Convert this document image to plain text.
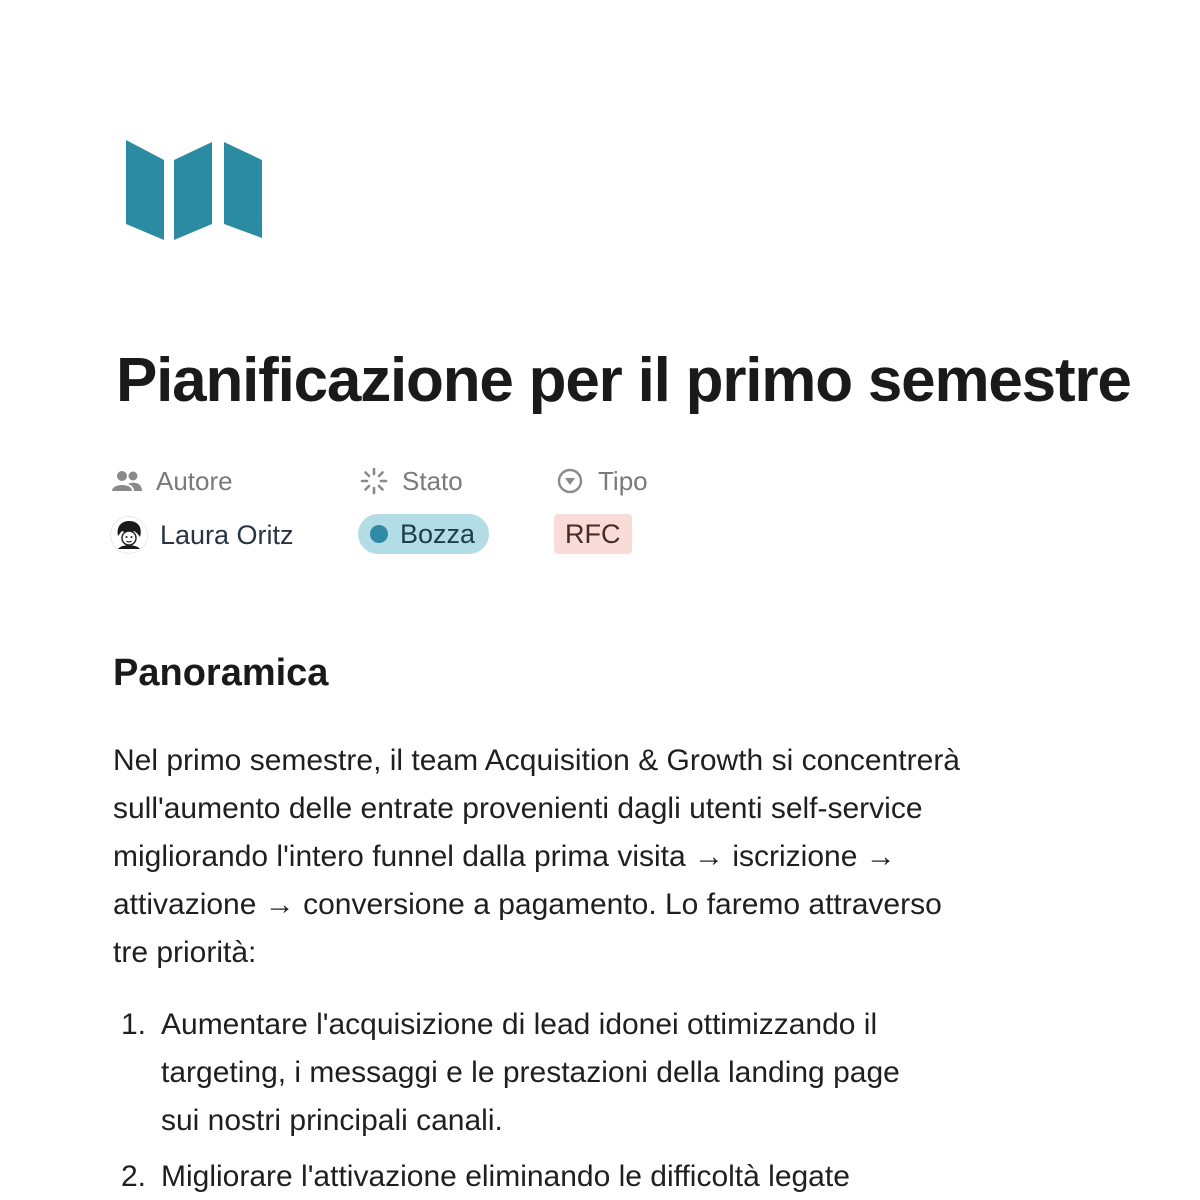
Pianificazione per il primo semestre
Autore	Stato	Tipo
Laura Oritz	Bozza	RFC
Panoramica

Nel primo semestre, il team Acquisition & Growth si concentrerà
sull'aumento delle entrate provenienti dagli utenti self-service
migliorando l'intero funnel dalla prima visita → iscrizione →
attivazione → conversione a pagamento. Lo faremo attraverso
tre priorità:

1. Aumentare l'acquisizione di lead idonei ottimizzando il
targeting, i messaggi e le prestazioni della landing page
sui nostri principali canali.
2. Migliorare l'attivazione eliminando le difficoltà legate
